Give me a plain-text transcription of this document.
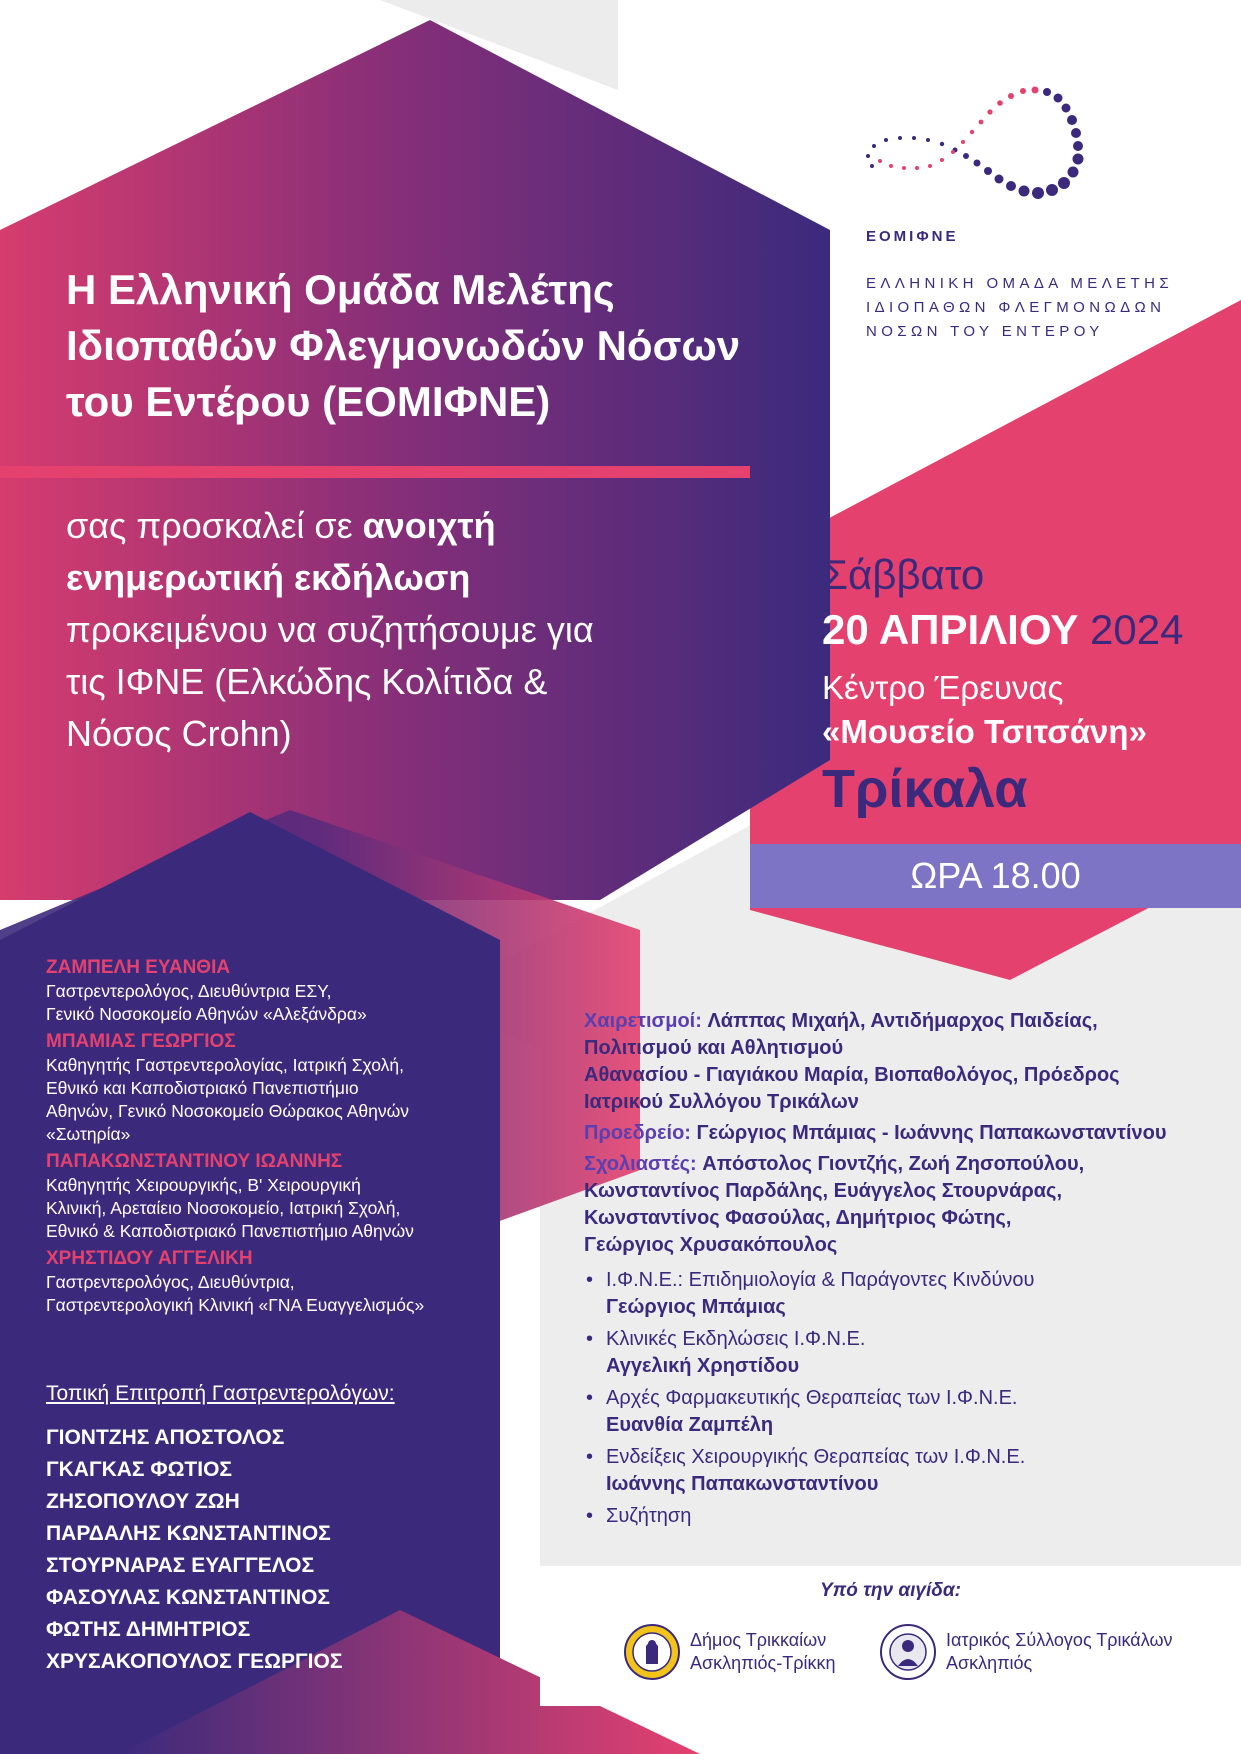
ΕΟΜΙΦΝΕ
ΕΛΛΗΝΙΚΗ ΟΜΑΔΑ ΜΕΛΕΤΗΣ
ΙΔΙΟΠΑΘΩΝ ΦΛΕΓΜΟΝΩΔΩΝ
ΝΟΣΩΝ ΤΟΥ ΕΝΤΕΡΟΥ
Η Ελληνική Ομάδα Μελέτης
Ιδιοπαθών Φλεγμονωδών Νόσων
του Εντέρου (ΕΟΜΙΦΝΕ)
σας προσκαλεί σε ανοιχτή
ενημερωτική εκδήλωση
προκειμένου να συζητήσουμε για
τις ΙΦΝΕ (Ελκώδης Κολίτιδα &
Νόσος Crohn)
Σάββατο
20 ΑΠΡΙΛΙΟΥ 2024
Κέντρο Έρευνας
«Μουσείο Τσιτσάνη»
Τρίκαλα
ΩΡΑ 18.00
ΖΑΜΠΕΛΗ ΕΥΑΝΘΙΑ
Γαστρεντερολόγος, Διευθύντρια ΕΣΥ,
Γενικό Νοσοκομείο Αθηνών «Αλεξάνδρα»
ΜΠΑΜΙΑΣ ΓΕΩΡΓΙΟΣ
Καθηγητής Γαστρεντερολογίας, Ιατρική Σχολή,
Εθνικό και Καποδιστριακό Πανεπιστήμιο
Αθηνών, Γενικό Νοσοκομείο Θώρακος Αθηνών
«Σωτηρία»
ΠΑΠΑΚΩΝΣΤΑΝΤΙΝΟΥ ΙΩΑΝΝΗΣ
Καθηγητής Χειρουργικής, Β' Χειρουργική
Κλινική, Αρεταίειο Νοσοκομείο, Ιατρική Σχολή,
Εθνικό & Καποδιστριακό Πανεπιστήμιο Αθηνών
ΧΡΗΣΤΙΔΟΥ ΑΓΓΕΛΙΚΗ
Γαστρεντερολόγος, Διευθύντρια,
Γαστρεντερολογική Κλινική «ΓΝΑ Ευαγγελισμός»
Τοπική Επιτροπή Γαστρεντερολόγων:
ΓΙΟΝΤΖΗΣ ΑΠΟΣΤΟΛΟΣ
ΓΚΑΓΚΑΣ ΦΩΤΙΟΣ
ΖΗΣΟΠΟΥΛΟΥ ΖΩΗ
ΠΑΡΔΑΛΗΣ ΚΩΝΣΤΑΝΤΙΝΟΣ
ΣΤΟΥΡΝΑΡΑΣ ΕΥΑΓΓΕΛΟΣ
ΦΑΣΟΥΛΑΣ ΚΩΝΣΤΑΝΤΙΝΟΣ
ΦΩΤΗΣ ΔΗΜΗΤΡΙΟΣ
ΧΡΥΣΑΚΟΠΟΥΛΟΣ ΓΕΩΡΓΙΟΣ
Χαιρετισμοί: Λάππας Μιχαήλ, Αντιδήμαρχος Παιδείας,
Πολιτισμού και Αθλητισμού
Αθανασίου - Γιαγιάκου Μαρία, Βιοπαθολόγος, Πρόεδρος
Ιατρικού Συλλόγου Τρικάλων
Προεδρείο: Γεώργιος Μπάμιας - Ιωάννης Παπακωνσταντίνου
Σχολιαστές: Απόστολος Γιοντζής, Ζωή Ζησοπούλου,
Κωνσταντίνος Παρδάλης, Ευάγγελος Στουρνάρας,
Κωνσταντίνος Φασούλας, Δημήτριος Φώτης,
Γεώργιος Χρυσακόπουλος
• Ι.Φ.Ν.Ε.: Επιδημιολογία & Παράγοντες Κινδύνου
Γεώργιος Μπάμιας
• Κλινικές Εκδηλώσεις Ι.Φ.Ν.Ε.
Αγγελική Χρηστίδου
• Αρχές Φαρμακευτικής Θεραπείας των Ι.Φ.Ν.Ε.
Ευανθία Ζαμπέλη
• Ενδείξεις Χειρουργικής Θεραπείας των Ι.Φ.Ν.Ε.
Ιωάννης Παπακωνσταντίνου
• Συζήτηση
Υπό την αιγίδα:
Δήμος Τρικκαίων
Ασκληπιός-Τρίκκη
Ιατρικός Σύλλογος Τρικάλων
Ασκληπιός
